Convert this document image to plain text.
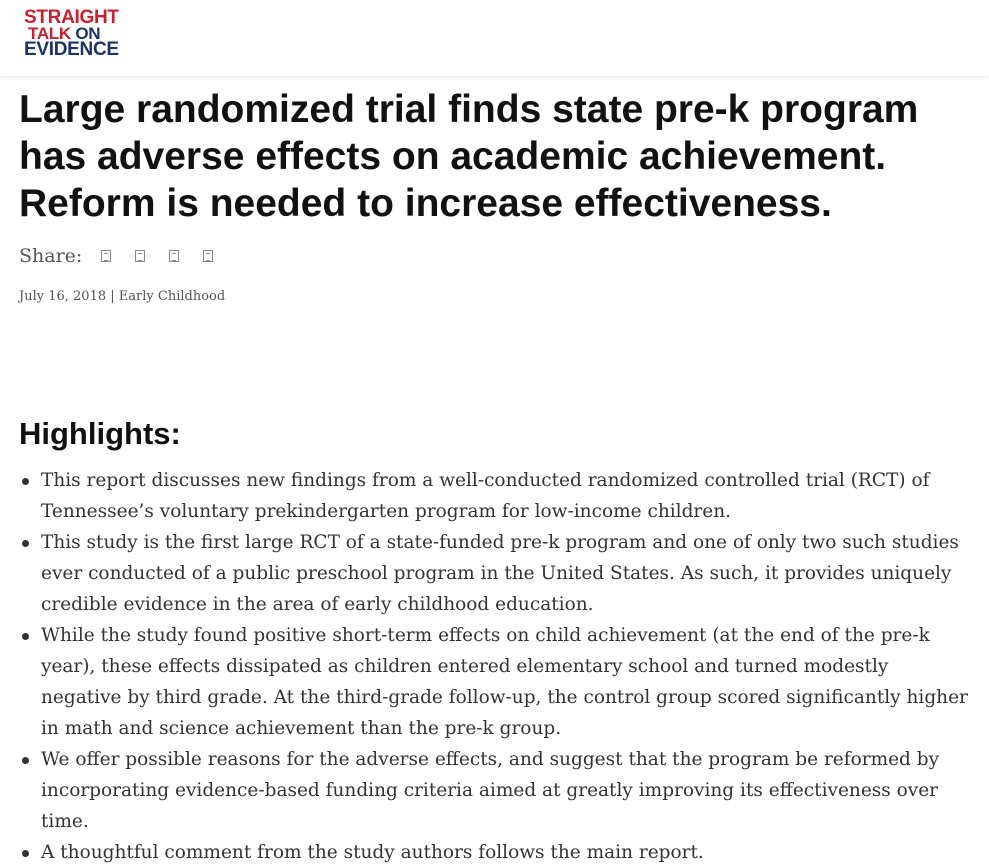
STRAIGHT
TALK ON
EVIDENCE
Large randomized trial finds state pre-k program has adverse effects on academic achievement. Reform is needed to increase effectiveness.
Share:
July 16, 2018 | Early Childhood
Highlights:
This report discusses new findings from a well-conducted randomized controlled trial (RCT) of Tennessee’s voluntary prekindergarten program for low-income children.
This study is the first large RCT of a state-funded pre-k program and one of only two such studies ever conducted of a public preschool program in the United States. As such, it provides uniquely credible evidence in the area of early childhood education.
While the study found positive short-term effects on child achievement (at the end of the pre-k year), these effects dissipated as children entered elementary school and turned modestly negative by third grade. At the third-grade follow-up, the control group scored significantly higher in math and science achievement than the pre-k group.
We offer possible reasons for the adverse effects, and suggest that the program be reformed by incorporating evidence-based funding criteria aimed at greatly improving its effectiveness over time.
A thoughtful comment from the study authors follows the main report.
